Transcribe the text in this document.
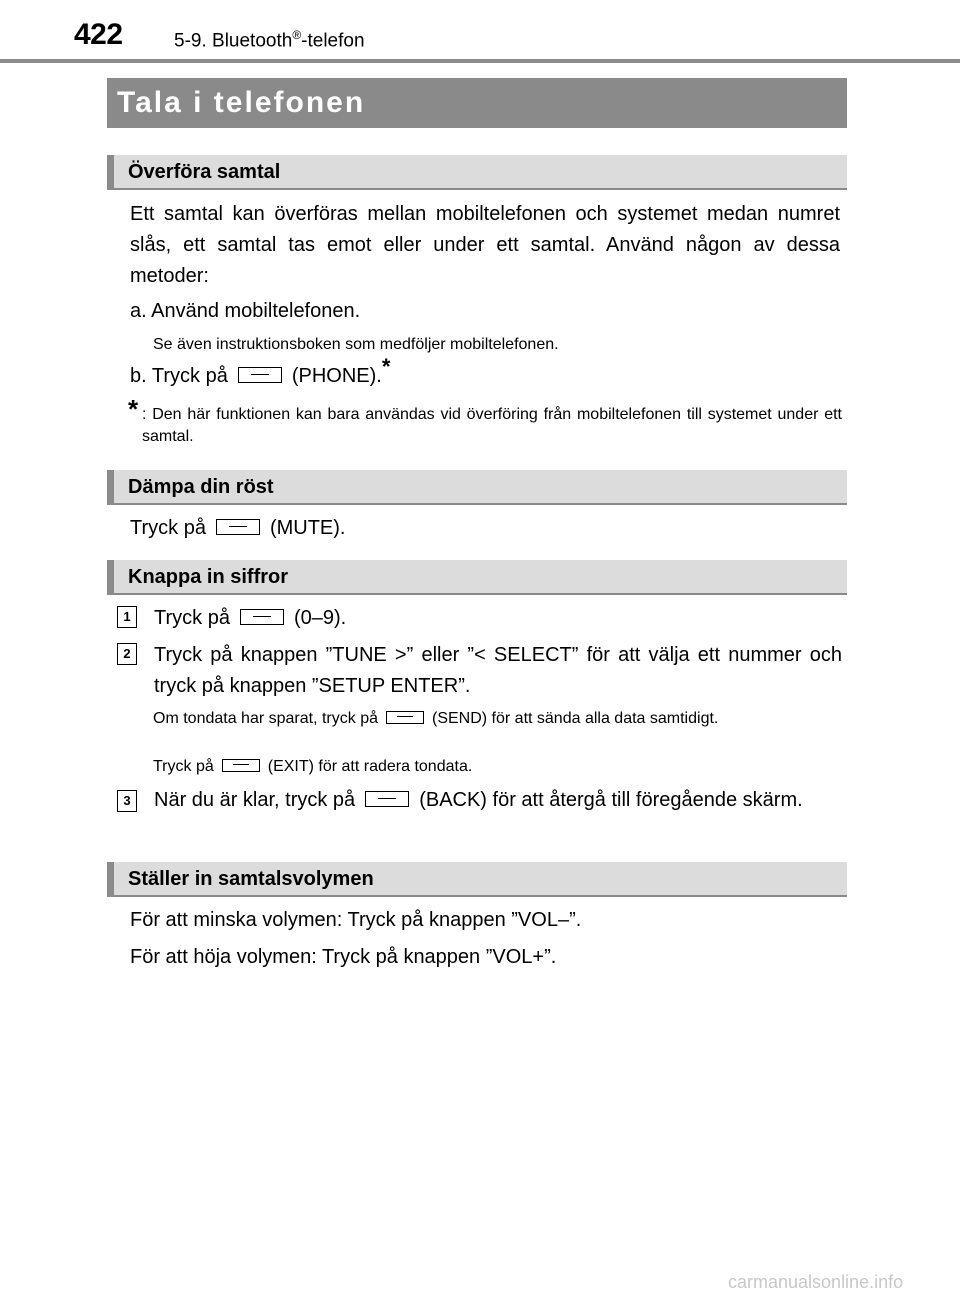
422	5-9. Bluetooth®-telefon
Tala i telefonen
Överföra samtal
Ett samtal kan överföras mellan mobiltelefonen och systemet medan numret slås, ett samtal tas emot eller under ett samtal. Använd någon av dessa metoder:
a. Använd mobiltelefonen.
Se även instruktionsboken som medföljer mobiltelefonen.
b. Tryck på	(PHONE).*
* : Den här funktionen kan bara användas vid överföring från mobiltelefonen till systemet under ett samtal.
Dämpa din röst
Tryck på	(MUTE).
Knappa in siffror
1	Tryck på	(0–9).
2	Tryck på knappen ”TUNE >” eller ”< SELECT” för att välja ett nummer och tryck på knappen ”SETUP ENTER”.
Om tondata har sparat, tryck på	(SEND) för att sända alla data samtidigt.
Tryck på	(EXIT) för att radera tondata.
3	När du är klar, tryck på	(BACK) för att återgå till föregående skärm.
Ställer in samtalsvolymen
För att minska volymen: Tryck på knappen ”VOL–”.
För att höja volymen: Tryck på knappen ”VOL+”.
carmanualsonline.info
